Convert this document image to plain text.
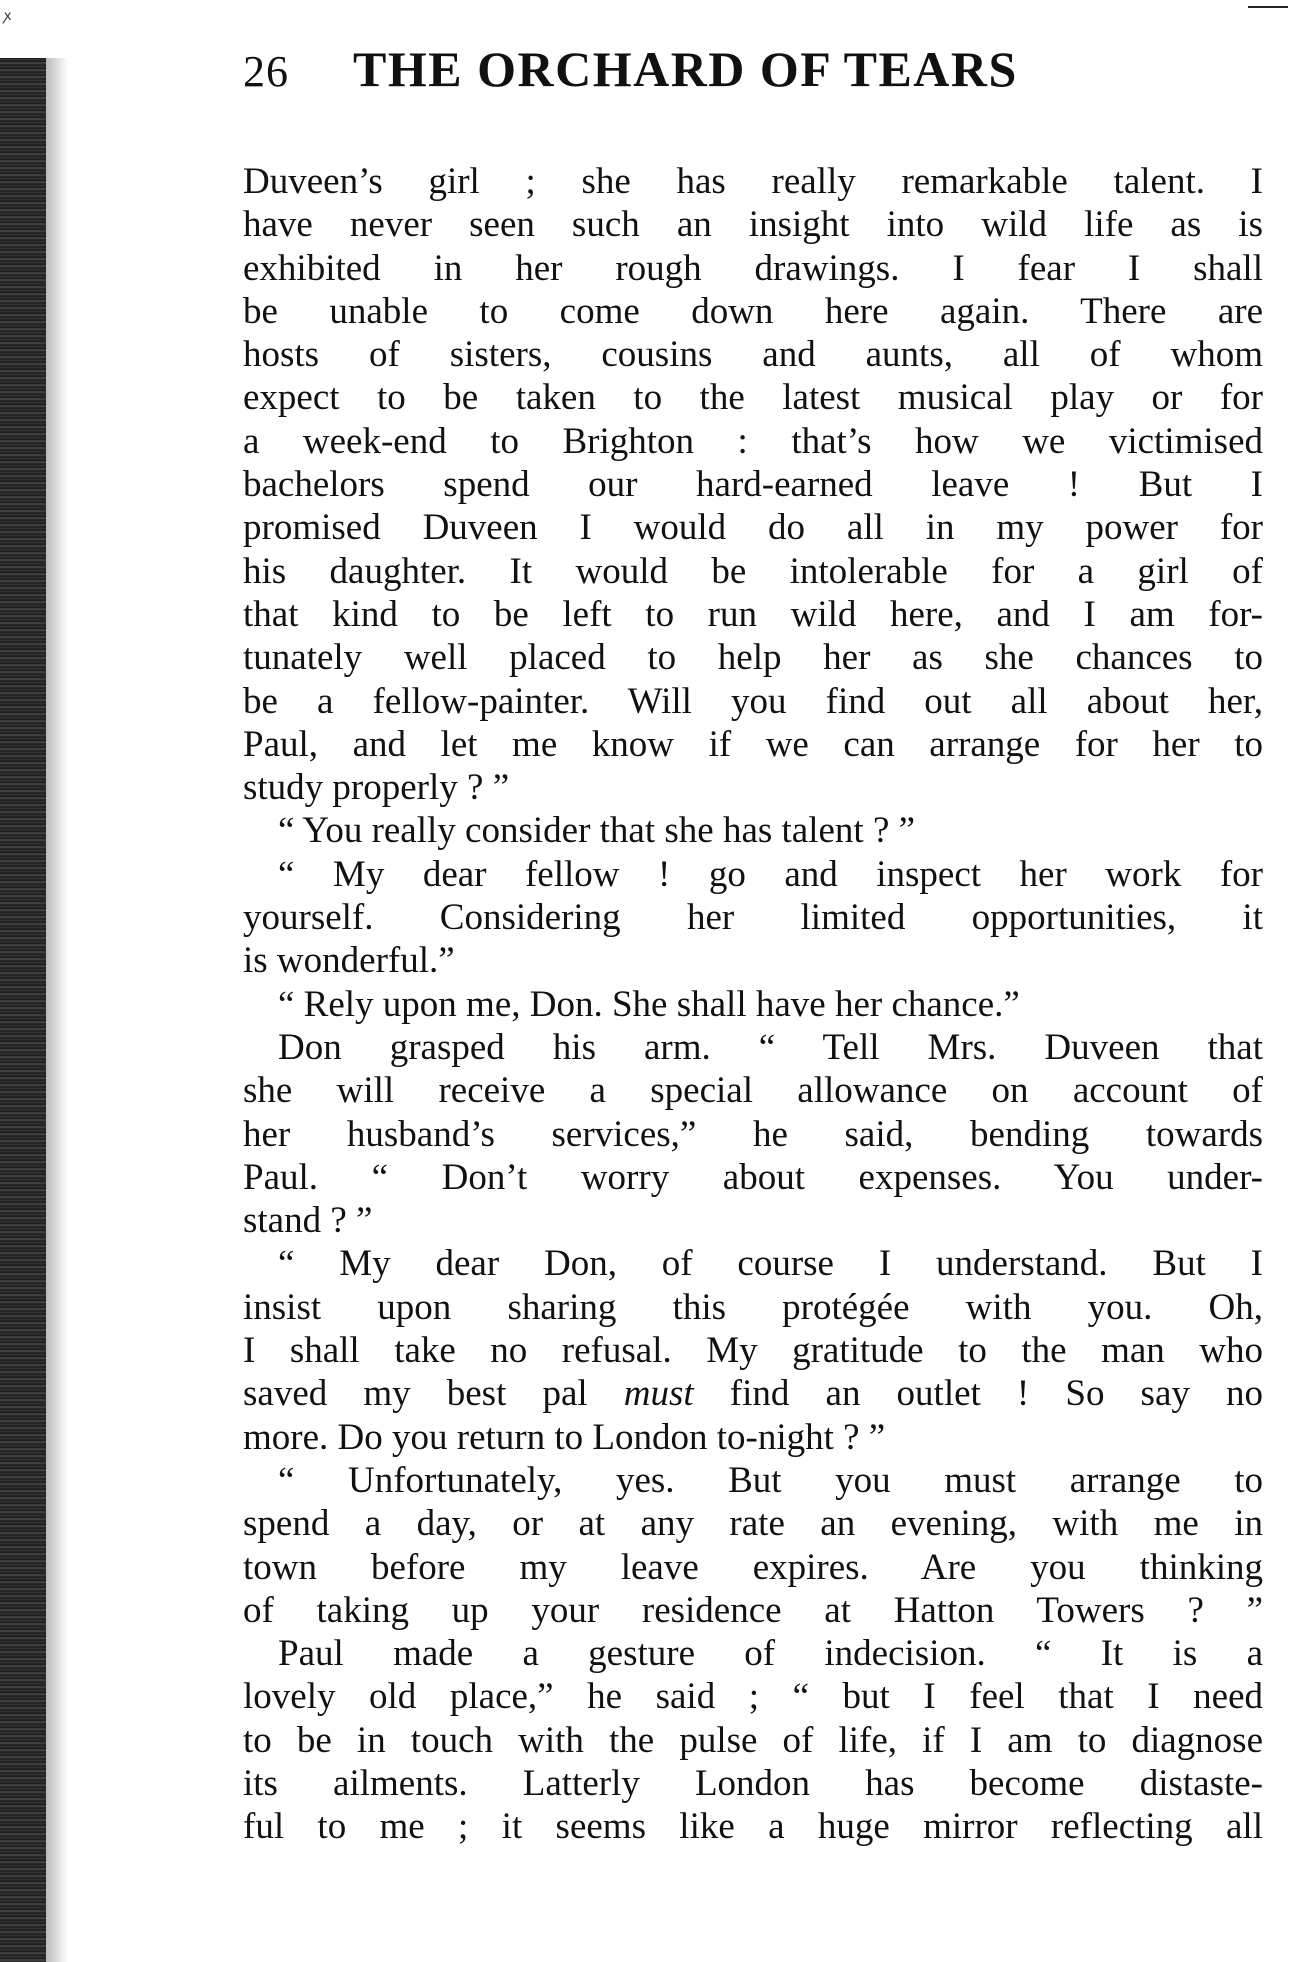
ꭗ
26	THE ORCHARD OF TEARS
Duveen’s girl ; she has really remarkable talent. I
have never seen such an insight into wild life as is
exhibited in her rough drawings. I fear I shall
be unable to come down here again. There are
hosts of sisters, cousins and aunts, all of whom
expect to be taken to the latest musical play or for
a week-end to Brighton : that’s how we victimised
bachelors spend our hard-earned leave ! But I
promised Duveen I would do all in my power for
his daughter. It would be intolerable for a girl of
that kind to be left to run wild here, and I am for-
tunately well placed to help her as she chances to
be a fellow-painter. Will you find out all about her,
Paul, and let me know if we can arrange for her to
study properly ? ”
“ You really consider that she has talent ? ”
“ My dear fellow ! go and inspect her work for
yourself. Considering her limited opportunities, it
is wonderful.”
“ Rely upon me, Don. She shall have her chance.”
Don grasped his arm. “ Tell Mrs. Duveen that
she will receive a special allowance on account of
her husband’s services,” he said, bending towards
Paul. “ Don’t worry about expenses. You under-
stand ? ”
“ My dear Don, of course I understand. But I
insist upon sharing this protégée with you. Oh,
I shall take no refusal. My gratitude to the man who
saved my best pal must find an outlet ! So say no
more. Do you return to London to-night ? ”
“ Unfortunately, yes. But you must arrange to
spend a day, or at any rate an evening, with me in
town before my leave expires. Are you thinking
of taking up your residence at Hatton Towers ? ”
Paul made a gesture of indecision. “ It is a
lovely old place,” he said ; “ but I feel that I need
to be in touch with the pulse of life, if I am to diagnose
its ailments. Latterly London has become distaste-
ful to me ; it seems like a huge mirror reflecting all
